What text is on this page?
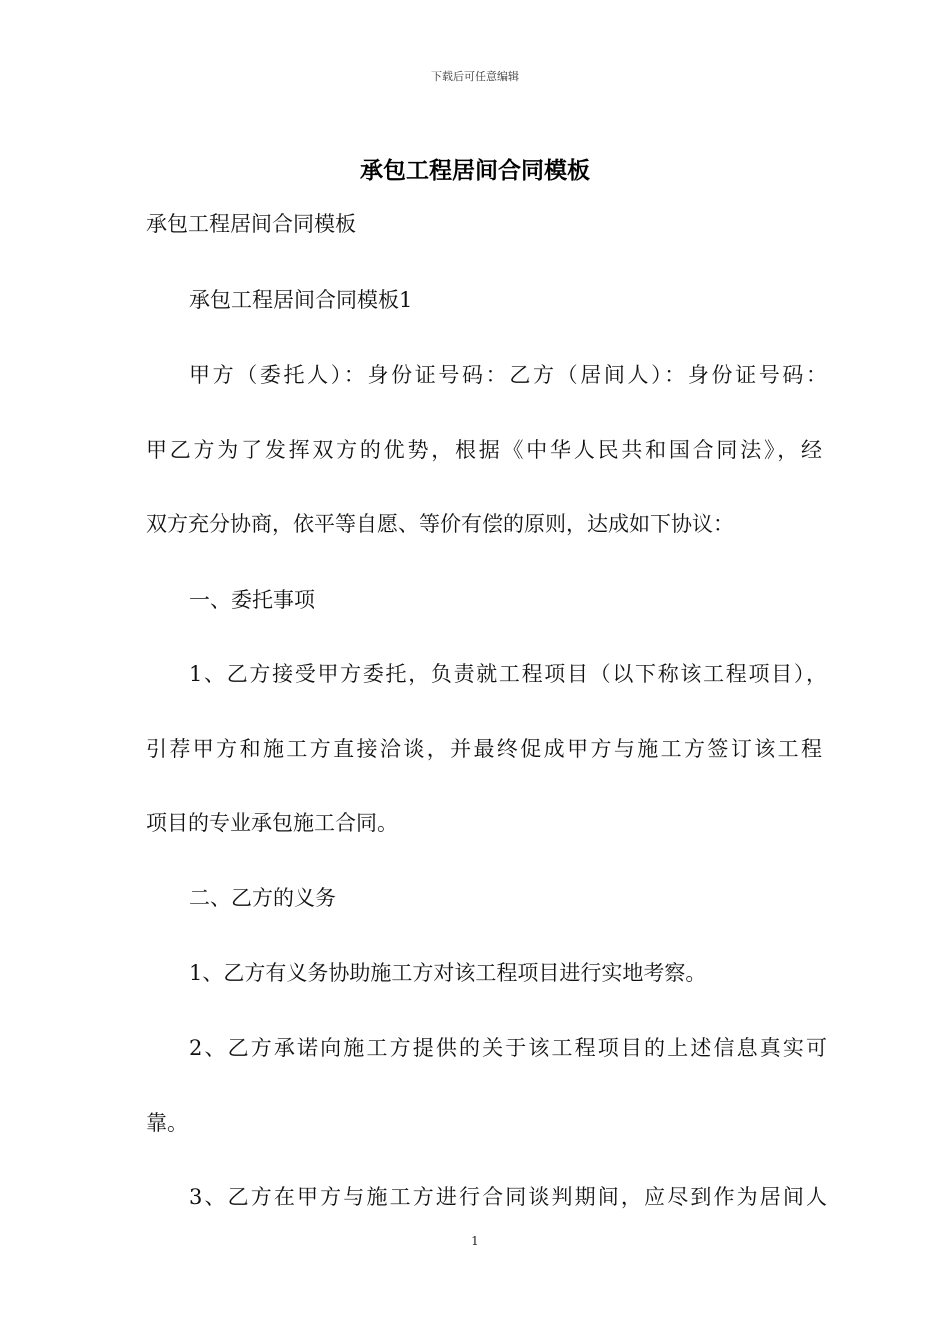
下载后可任意编辑
承包工程居间合同模板
承包工程居间合同模板
承包工程居间合同模板1
甲方（委托人）：身份证号码：乙方（居间人）：身份证号码：
甲乙方为了发挥双方的优势，根据《中华人民共和国合同法》，经
双方充分协商，依平等自愿、等价有偿的原则，达成如下协议：
一、委托事项
1、乙方接受甲方委托，负责就工程项目（以下称该工程项目），
引荐甲方和施工方直接洽谈，并最终促成甲方与施工方签订该工程
项目的专业承包施工合同。
二、乙方的义务
1、乙方有义务协助施工方对该工程项目进行实地考察。
2、乙方承诺向施工方提供的关于该工程项目的上述信息真实可
靠。
3、乙方在甲方与施工方进行合同谈判期间，应尽到作为居间人
1
